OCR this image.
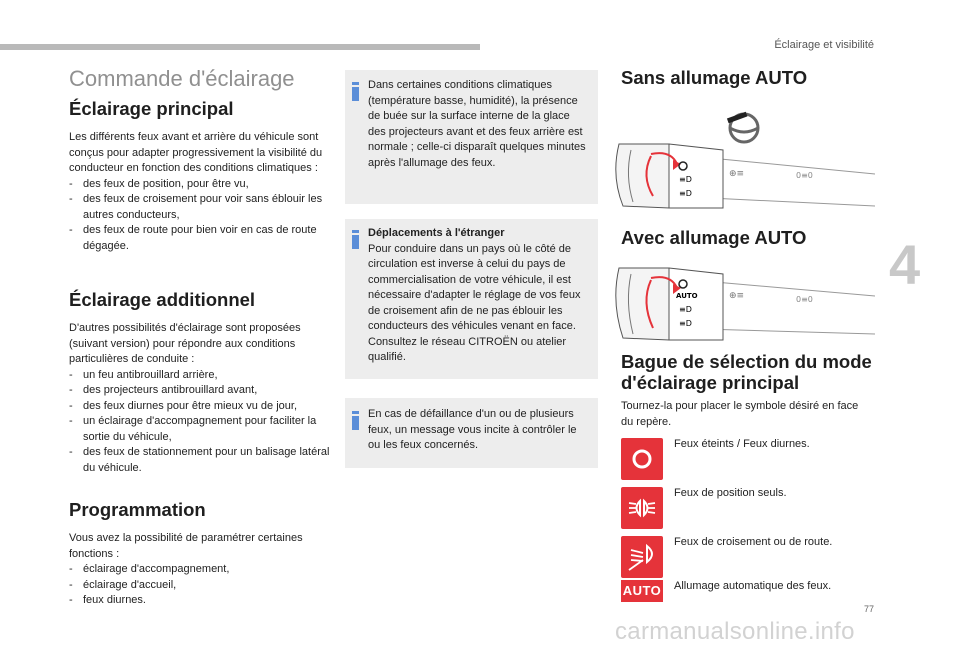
Éclairage et visibilité
4
Commande d'éclairage
Éclairage principal

Les différents feux avant et arrière du véhicule sont conçus pour adapter progressivement la visibilité du conducteur en fonction des conditions climatiques :

- des feux de position, pour être vu,
- des feux de croisement pour voir sans éblouir les autres conducteurs,
- des feux de route pour bien voir en cas de route dégagée.
Éclairage additionnel

D'autres possibilités d'éclairage sont proposées (suivant version) pour répondre aux conditions particulières de conduite :

- un feu antibrouillard arrière,
- des projecteurs antibrouillard avant,
- des feux diurnes pour être mieux vu de jour,
- un éclairage d'accompagnement pour faciliter la sortie du véhicule,
- des feux de stationnement pour un balisage latéral du véhicule.
Programmation

Vous avez la possibilité de paramétrer certaines fonctions :

- éclairage d'accompagnement,
- éclairage d'accueil,
- feux diurnes.

Dans certaines conditions climatiques (température basse, humidité), la présence de buée sur la surface interne de la glace des projecteurs avant et des feux arrière est normale ; celle-ci disparaît quelques minutes après l'allumage des feux.

Déplacements à l'étranger

Pour conduire dans un pays où le côté de circulation est inverse à celui du pays de commercialisation de votre véhicule, il est nécessaire d'adapter le réglage de vos feux de croisement afin de ne pas éblouir les conducteurs des véhicules venant en face. Consultez le réseau CITROËN ou atelier qualifié.

En cas de défaillance d'un ou de plusieurs feux, un message vous incite à contrôler le ou les feux concernés.

Sans allumage AUTO
≡D
≡D
⊕≡	0≡0
Avec allumage AUTO
AUTO
≡D
≡D
⊕≡	0≡0
Bague de sélection du mode d'éclairage principal

Tournez-la pour placer le symbole désiré en face du repère.

Feux éteints / Feux diurnes.
Feux de position seuls.
Feux de croisement ou de route.
AUTO Allumage automatique des feux.
77
carmanualsonline.info
